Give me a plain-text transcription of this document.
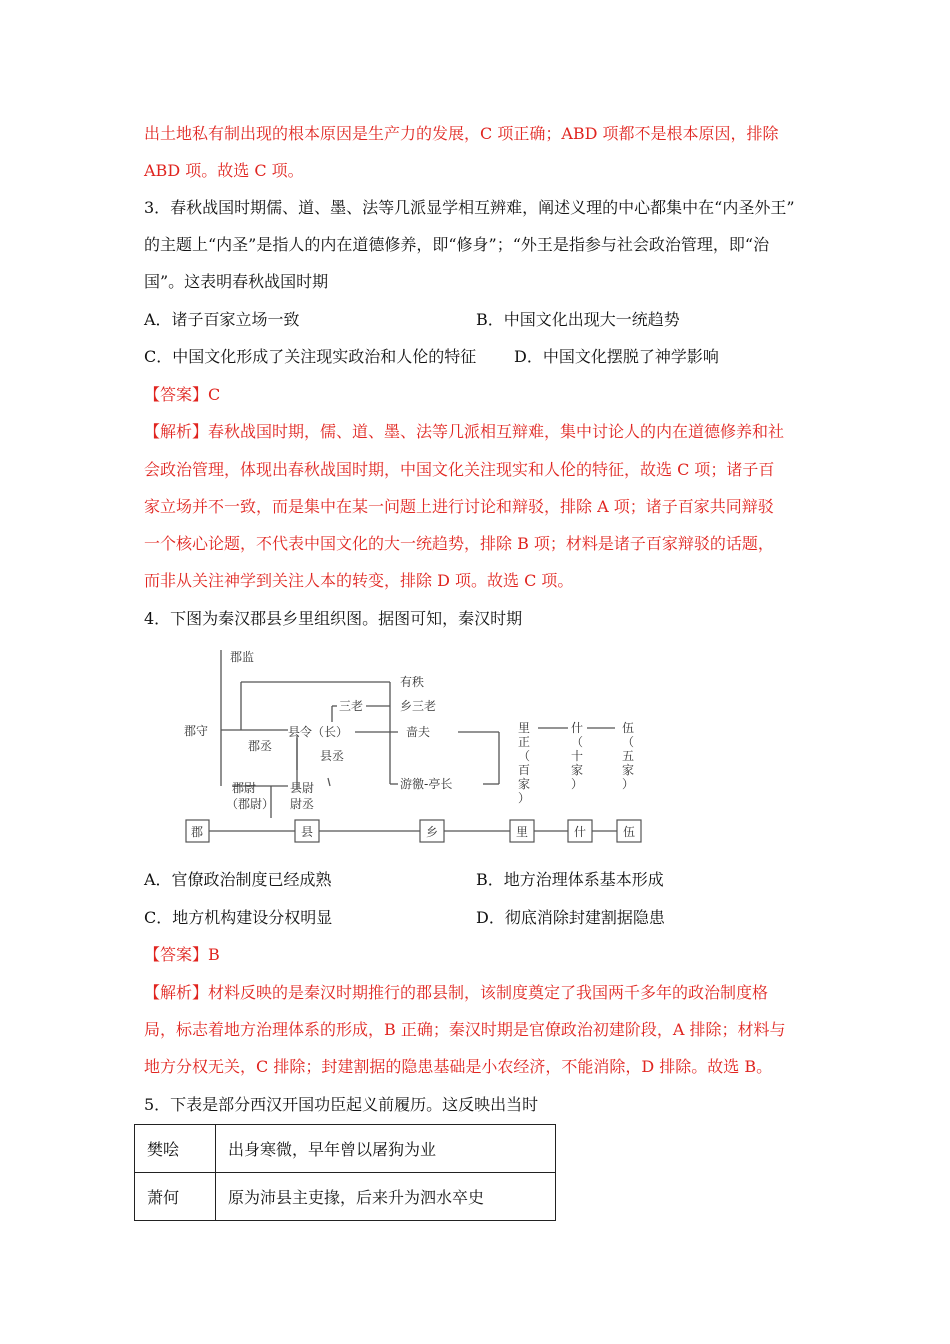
出土地私有制出现的根本原因是生产力的发展，C 项正确；ABD 项都不是根本原因，排除
ABD 项。故选 C 项。
3．春秋战国时期儒、道、墨、法等几派显学相互辨难，阐述义理的中心都集中在“内圣外王”
的主题上“内圣”是指人的内在道德修养，即“修身”；“外王是指参与社会政治管理，即“治
国”。这表明春秋战国时期
A．诸子百家立场一致	B．中国文化出现大一统趋势
C．中国文化形成了关注现实政治和人伦的特征 D．中国文化摆脱了神学影响
【答案】C
【解析】春秋战国时期，儒、道、墨、法等几派相互辩难，集中讨论人的内在道德修养和社
会政治管理，体现出春秋战国时期，中国文化关注现实和人伦的特征，故选 C 项；诸子百
家立场并不一致，而是集中在某一问题上进行讨论和辩驳，排除 A 项；诸子百家共同辩驳
一个核心论题，不代表中国文化的大一统趋势，排除 B 项；材料是诸子百家辩驳的话题，
而非从关注神学到关注人本的转变，排除 D 项。故选 C 项。
4．下图为秦汉郡县乡里组织图。据图可知，秦汉时期
郡监
郡守
郡丞
郡尉
（郡尉）
县令（长）
县丞
县尉
尉丞
三老
有秩
乡三老
啬夫
游徼-亭长
里
正
（
百
家
）
什
（
十
家
）
伍
（
五
家
）
郡	县	乡	里	什	伍
A．官僚政治制度已经成熟	B．地方治理体系基本形成
C．地方机构建设分权明显	D．彻底消除封建割据隐患
【答案】B
【解析】材料反映的是秦汉时期推行的郡县制，该制度奠定了我国两千多年的政治制度格
局，标志着地方治理体系的形成，B 正确；秦汉时期是官僚政治初建阶段，A 排除；材料与
地方分权无关，C 排除；封建割据的隐患基础是小农经济，不能消除，D 排除。故选 B。
5．下表是部分西汉开国功臣起义前履历。这反映出当时
樊哙	出身寒微，早年曾以屠狗为业
萧何	原为沛县主吏掾，后来升为泗水卒史
